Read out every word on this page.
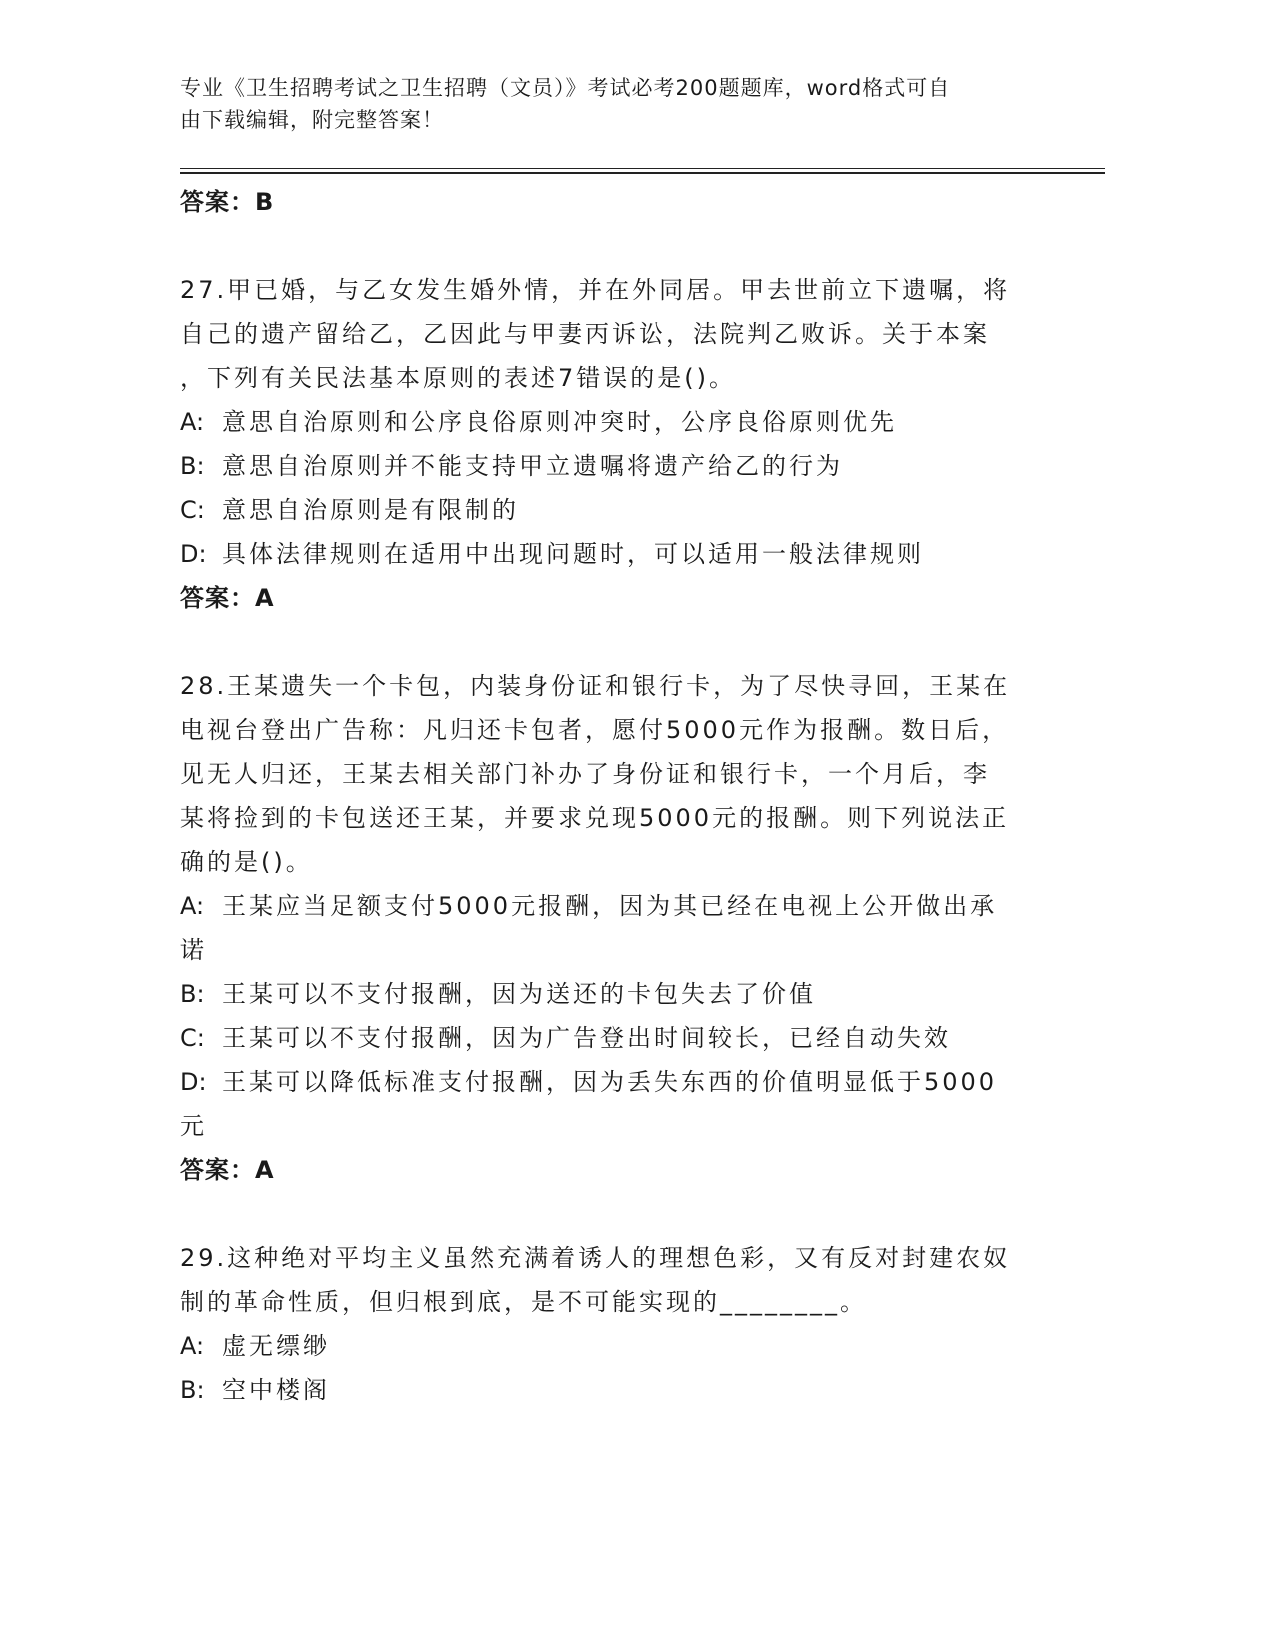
专业《卫生招聘考试之卫生招聘（文员）》考试必考200题题库，word格式可自
由下载编辑，附完整答案！
答案：B
27.甲已婚，与乙女发生婚外情，并在外同居。甲去世前立下遗嘱，将
自己的遗产留给乙，乙因此与甲妻丙诉讼，法院判乙败诉。关于本案
，下列有关民法基本原则的表述7错误的是()。
A: 意思自治原则和公序良俗原则冲突时，公序良俗原则优先
B: 意思自治原则并不能支持甲立遗嘱将遗产给乙的行为
C: 意思自治原则是有限制的
D: 具体法律规则在适用中出现问题时，可以适用一般法律规则
答案：A
28.王某遗失一个卡包，内装身份证和银行卡，为了尽快寻回，王某在
电视台登出广告称：凡归还卡包者，愿付5000元作为报酬。数日后，
见无人归还，王某去相关部门补办了身份证和银行卡，一个月后，李
某将捡到的卡包送还王某，并要求兑现5000元的报酬。则下列说法正
确的是()。
A: 王某应当足额支付5000元报酬，因为其已经在电视上公开做出承
诺
B: 王某可以不支付报酬，因为送还的卡包失去了价值
C: 王某可以不支付报酬，因为广告登出时间较长，已经自动失效
D: 王某可以降低标准支付报酬，因为丢失东西的价值明显低于5000
元
答案：A
29.这种绝对平均主义虽然充满着诱人的理想色彩，又有反对封建农奴
制的革命性质，但归根到底，是不可能实现的________。
A: 虚无缥缈
B: 空中楼阁
